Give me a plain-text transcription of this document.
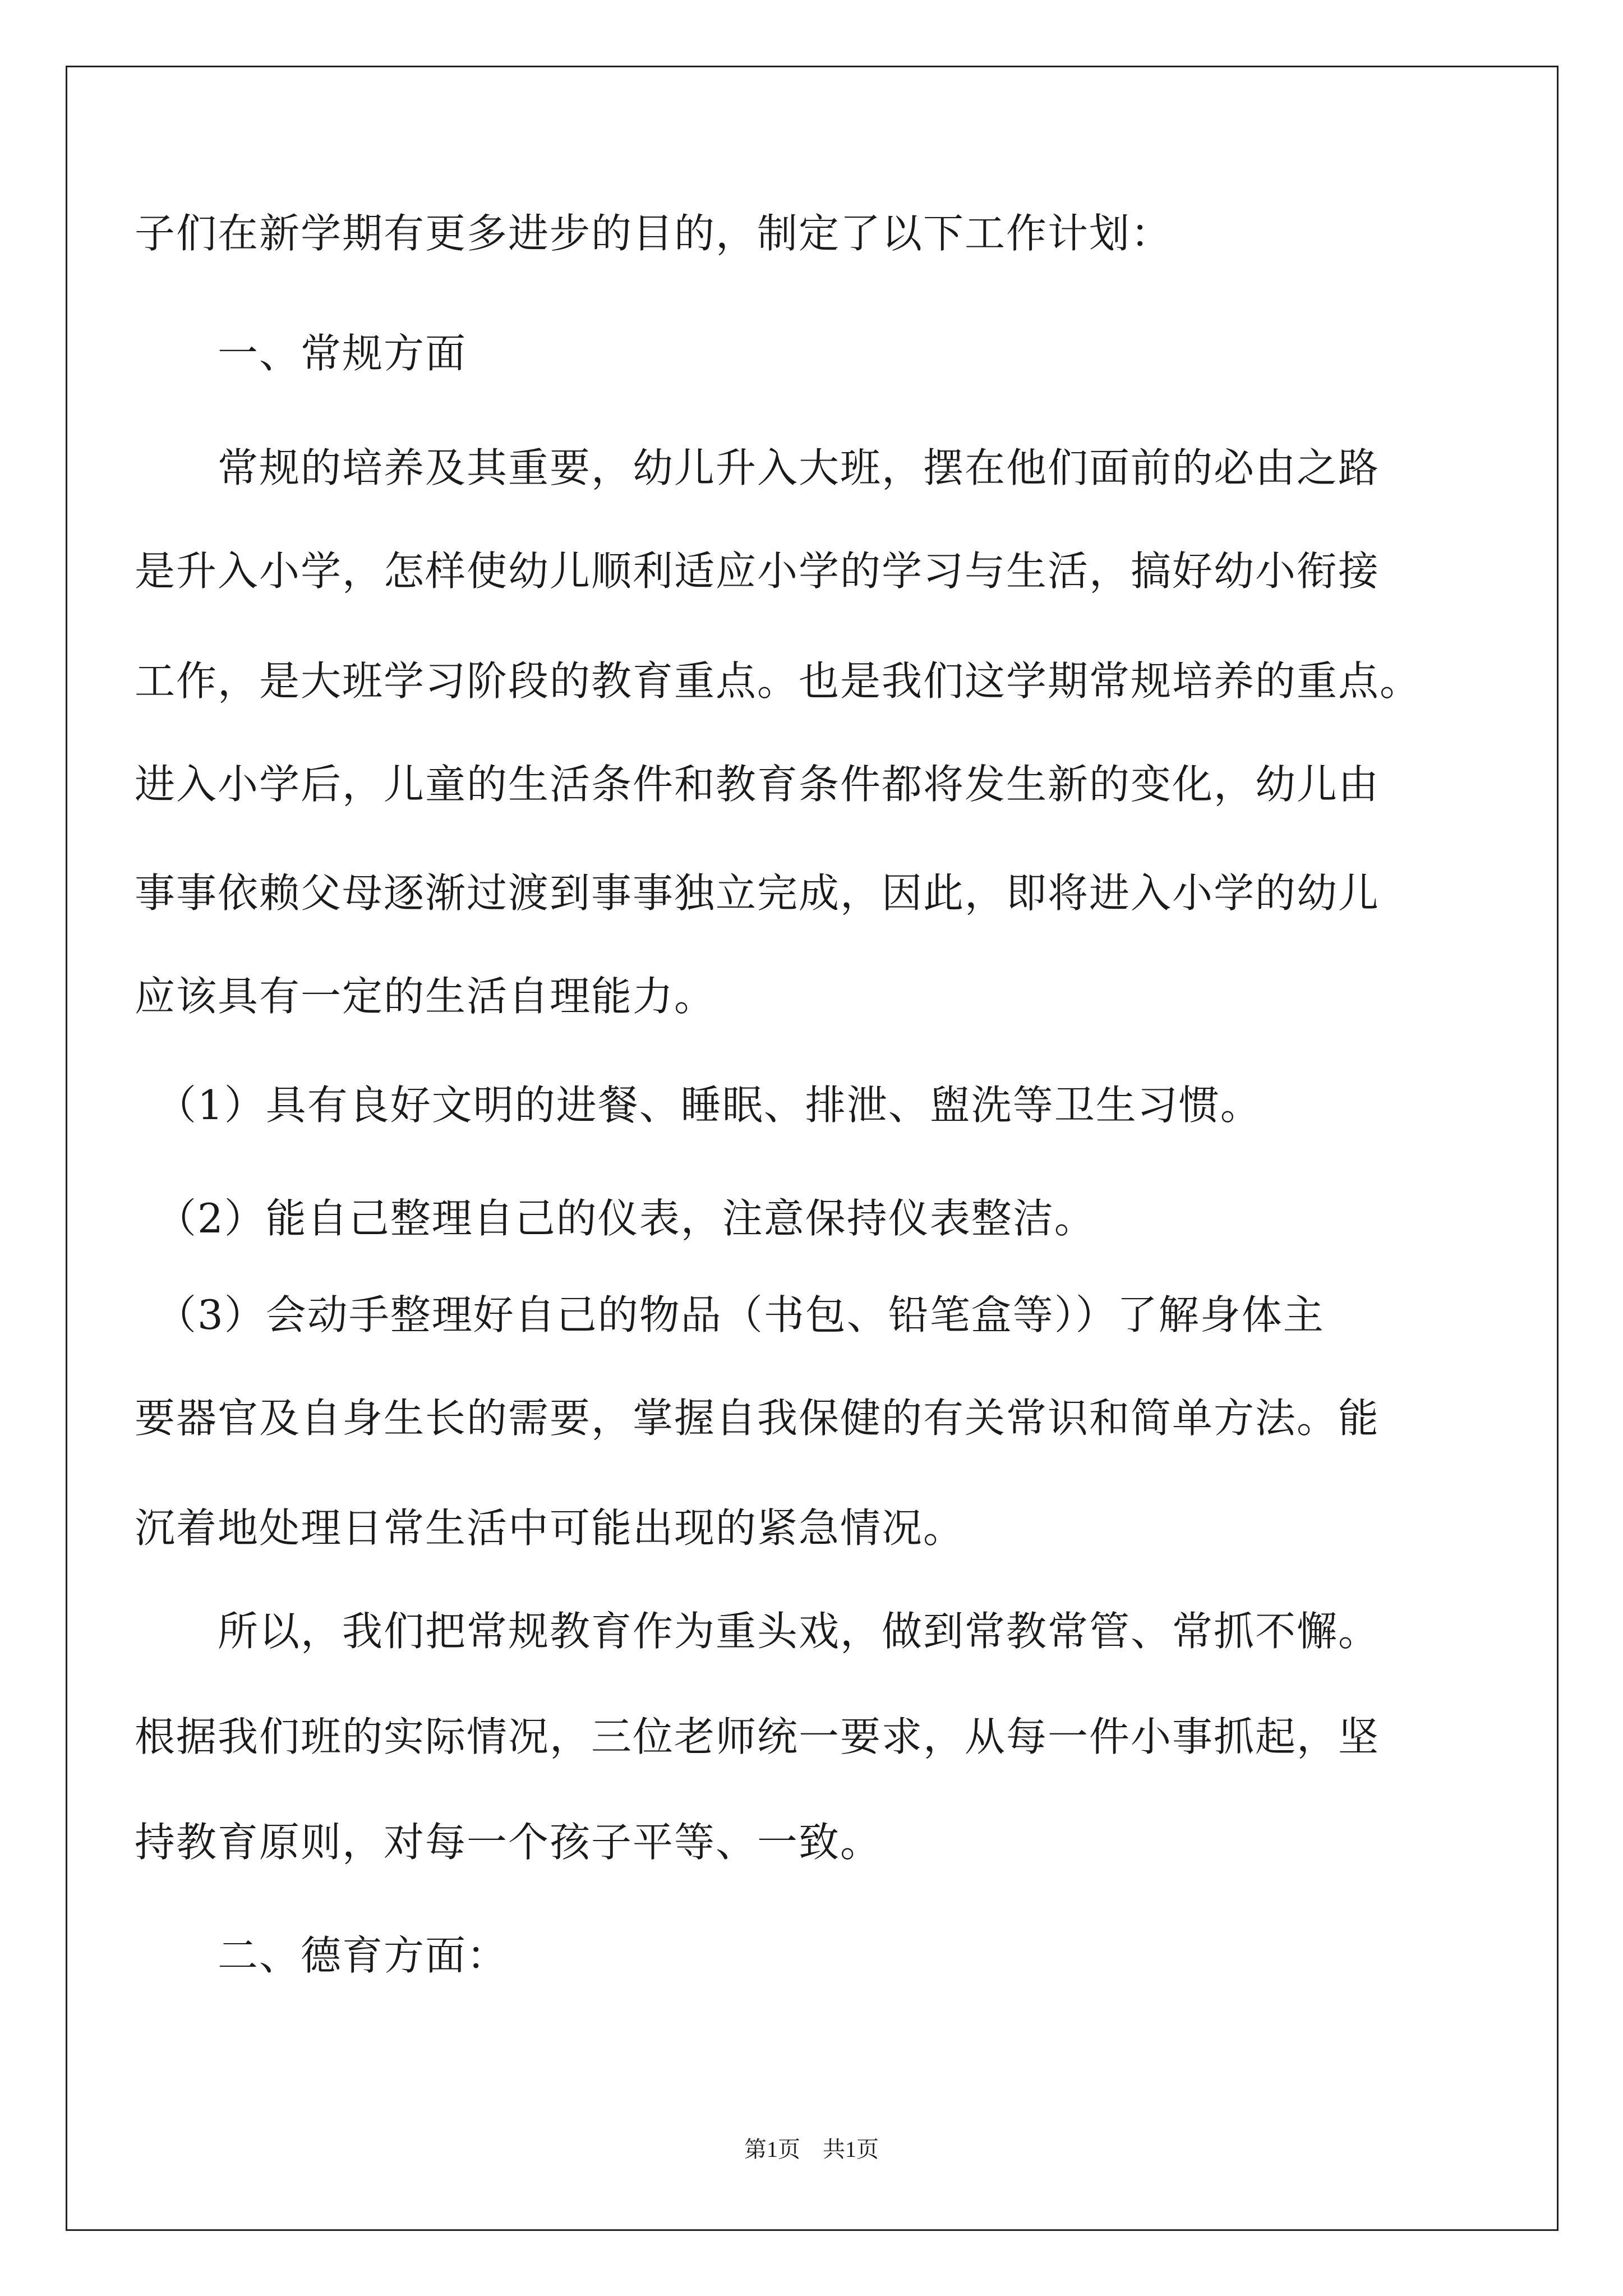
子们在新学期有更多进步的目的，制定了以下工作计划：
　　一、常规方面
　　常规的培养及其重要，幼儿升入大班，摆在他们面前的必由之路
是升入小学，怎样使幼儿顺利适应小学的学习与生活，搞好幼小衔接
工作，是大班学习阶段的教育重点。也是我们这学期常规培养的重点。
进入小学后，儿童的生活条件和教育条件都将发生新的变化，幼儿由
事事依赖父母逐渐过渡到事事独立完成，因此，即将进入小学的幼儿
应该具有一定的生活自理能力。
　（1）具有良好文明的进餐、睡眠、排泄、盥洗等卫生习惯。
　（2）能自己整理自己的仪表，注意保持仪表整洁。
　（3）会动手整理好自己的物品（书包、铅笔盒等））了解身体主
要器官及自身生长的需要，掌握自我保健的有关常识和简单方法。能
沉着地处理日常生活中可能出现的紧急情况。
　　所以，我们把常规教育作为重头戏，做到常教常管、常抓不懈。
根据我们班的实际情况，三位老师统一要求，从每一件小事抓起，坚
持教育原则，对每一个孩子平等、一致。
　　二、德育方面：
第1页　共1页
